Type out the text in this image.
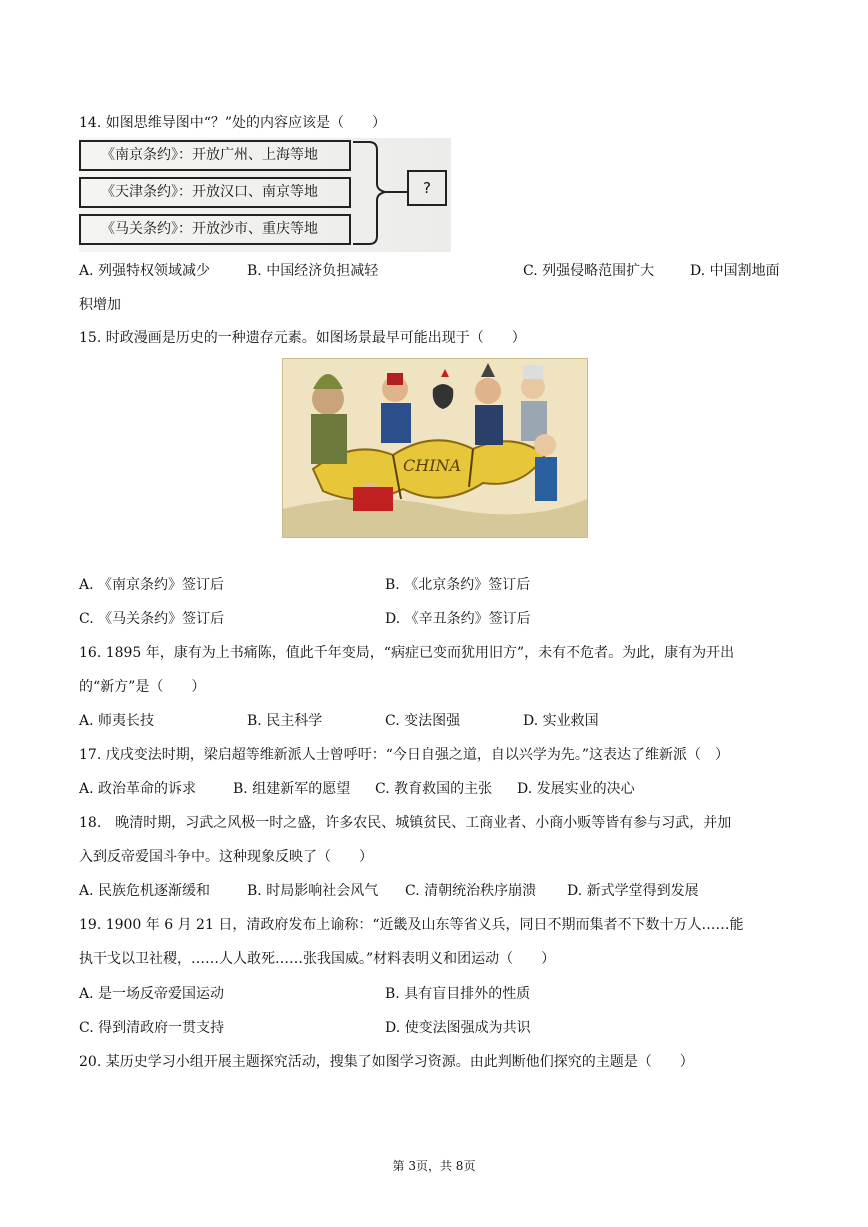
14. 如图思维导图中“？”处的内容应该是（　　）
《南京条约》：开放广州、上海等地
《天津条约》：开放汉口、南京等地
《马关条约》：开放沙市、重庆等地
?
A. 列强特权领域减少	B. 中国经济负担减轻	C. 列强侵略范围扩大	D. 中国割地面
积增加
15. 时政漫画是历史的一种遗存元素。如图场景最早可能出现于（　　）
CHINA
A. 《南京条约》签订后	B. 《北京条约》签订后
C. 《马关条约》签订后	D. 《辛丑条约》签订后
16. 1895 年，康有为上书痛陈，值此千年变局，“病症已变而犹用旧方”，未有不危者。为此，康有为开出
的“新方”是（　　）
A. 师夷长技	B. 民主科学	C. 变法图强	D. 实业救国
17. 戊戌变法时期，梁启超等维新派人士曾呼吁：“今日自强之道，自以兴学为先。”这表达了维新派（　）
A. 政治革命的诉求	B. 组建新军的愿望 C. 教育救国的主张 D. 发展实业的决心
18.　晚清时期，习武之风极一时之盛，许多农民、城镇贫民、工商业者、小商小贩等皆有参与习武，并加
入到反帝爱国斗争中。这种现象反映了（　　）
A. 民族危机逐渐缓和	B. 时局影响社会风气 C. 清朝统治秩序崩溃 D. 新式学堂得到发展
19. 1900 年 6 月 21 日，清政府发布上谕称：“近畿及山东等省义兵，同日不期而集者不下数十万人……能
执干戈以卫社稷，……人人敢死……张我国威。”材料表明义和团运动（　　）
A. 是一场反帝爱国运动	B. 具有盲目排外的性质
C. 得到清政府一贯支持	D. 使变法图强成为共识
20. 某历史学习小组开展主题探究活动，搜集了如图学习资源。由此判断他们探究的主题是（　　）
第 3页，共 8页
